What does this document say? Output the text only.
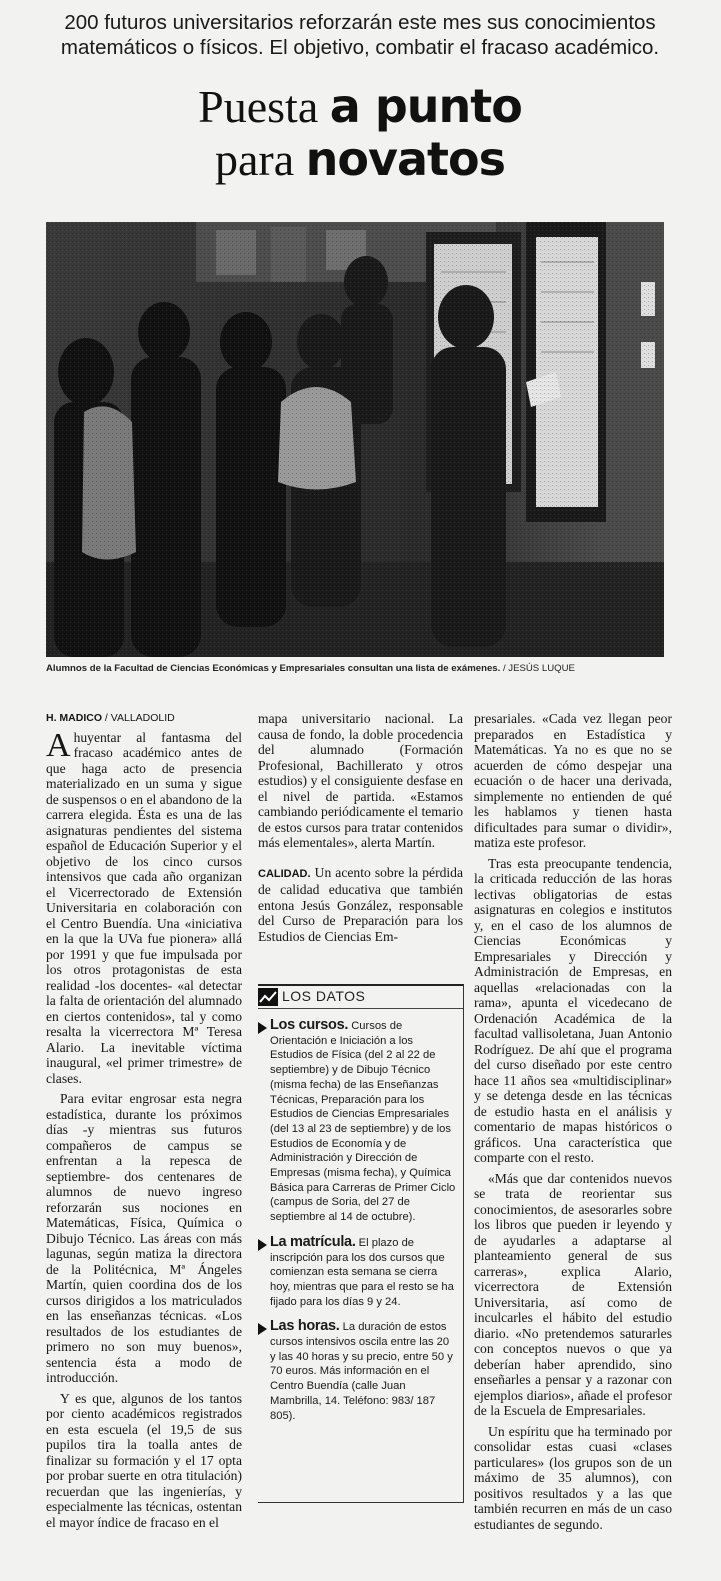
200 futuros universitarios reforzarán este mes sus conocimientos matemáticos o físicos. El objetivo, combatir el fracaso académico.
Puesta a punto
para novatos
Alumnos de la Facultad de Ciencias Económicas y Empresariales consultan una lista de exámenes. / JESÚS LUQUE
H. MADICO / VALLADOLID

Ahuyentar al fantasma del fracaso académico antes de que haga acto de presencia materializado en un suma y sigue de suspensos o en el abandono de la carrera elegida. Ésta es una de las asignaturas pendientes del sistema español de Educación Superior y el objetivo de los cinco cursos intensivos que cada año organizan el Vicerrectorado de Extensión Universitaria en colaboración con el Centro Buendía. Una «iniciativa en la que la UVa fue pionera» allá por 1991 y que fue impulsada por los otros protagonistas de esta realidad -los docentes- «al detectar la falta de orientación del alumnado en ciertos contenidos», tal y como resalta la vicerrectora Mª Teresa Alario. La inevitable víctima inaugural, «el primer trimestre» de clases.

Para evitar engrosar esta negra estadística, durante los próximos días -y mientras sus futuros compañeros de campus se enfrentan a la repesca de septiembre- dos centenares de alumnos de nuevo ingreso reforzarán sus nociones en Matemáticas, Física, Química o Dibujo Técnico. Las áreas con más lagunas, según matiza la directora de la Politécnica, Mª Ángeles Martín, quien coordina dos de los cursos dirigidos a los matriculados en las enseñanzas técnicas. «Los resultados de los estudiantes de primero no son muy buenos», sentencia ésta a modo de introducción.

Y es que, algunos de los tantos por ciento académicos registrados en esta escuela (el 19,5 de sus pupilos tira la toalla antes de finalizar su formación y el 17 opta por probar suerte en otra titulación) recuerdan que las ingenierías, y especialmente las técnicas, ostentan el mayor índice de fracaso en el

mapa universitario nacional. La causa de fondo, la doble procedencia del alumnado (Formación Profesional, Bachillerato y otros estudios) y el consiguiente desfase en el nivel de partida. «Estamos cambiando periódicamente el temario de estos cursos para tratar contenidos más elementales», alerta Martín.

CALIDAD. Un acento sobre la pérdida de calidad educativa que también entona Jesús González, responsable del Curso de Preparación para los Estudios de Ciencias Em-

LOS DATOS
Los cursos. Cursos de Orientación e Iniciación a los Estudios de Física (del 2 al 22 de septiembre) y de Dibujo Técnico (misma fecha) de las Enseñanzas Técnicas, Preparación para los Estudios de Ciencias Empresariales (del 13 al 23 de septiembre) y de los Estudios de Economía y de Administración y Dirección de Empresas (misma fecha), y Química Básica para Carreras de Primer Ciclo (campus de Soria, del 27 de septiembre al 14 de octubre).
La matrícula. El plazo de inscripción para los dos cursos que comienzan esta semana se cierra hoy, mientras que para el resto se ha fijado para los días 9 y 24.
Las horas. La duración de estos cursos intensivos oscila entre las 20 y las 40 horas y su precio, entre 50 y 70 euros. Más información en el Centro Buendía (calle Juan Mambrilla, 14. Teléfono: 983/ 187 805).

presariales. «Cada vez llegan peor preparados en Estadística y Matemáticas. Ya no es que no se acuerden de cómo despejar una ecuación o de hacer una derivada, simplemente no entienden de qué les hablamos y tienen hasta dificultades para sumar o dividir», matiza este profesor.

Tras esta preocupante tendencia, la criticada reducción de las horas lectivas obligatorias de estas asignaturas en colegios e institutos y, en el caso de los alumnos de Ciencias Económicas y Empresariales y Dirección y Administración de Empresas, en aquellas «relacionadas con la rama», apunta el vicedecano de Ordenación Académica de la facultad vallisoletana, Juan Antonio Rodríguez. De ahí que el programa del curso diseñado por este centro hace 11 años sea «multidisciplinar» y se detenga desde en las técnicas de estudio hasta en el análisis y comentario de mapas históricos o gráficos. Una característica que comparte con el resto.

«Más que dar contenidos nuevos se trata de reorientar sus conocimientos, de asesorarles sobre los libros que pueden ir leyendo y de ayudarles a adaptarse al planteamiento general de sus carreras», explica Alario, vicerrectora de Extensión Universitaria, así como de inculcarles el hábito del estudio diario. «No pretendemos saturarles con conceptos nuevos o que ya deberían haber aprendido, sino enseñarles a pensar y a razonar con ejemplos diarios», añade el profesor de la Escuela de Empresariales.

Un espíritu que ha terminado por consolidar estas cuasi «clases particulares» (los grupos son de un máximo de 35 alumnos), con positivos resultados y a las que también recurren en más de un caso estudiantes de segundo.
